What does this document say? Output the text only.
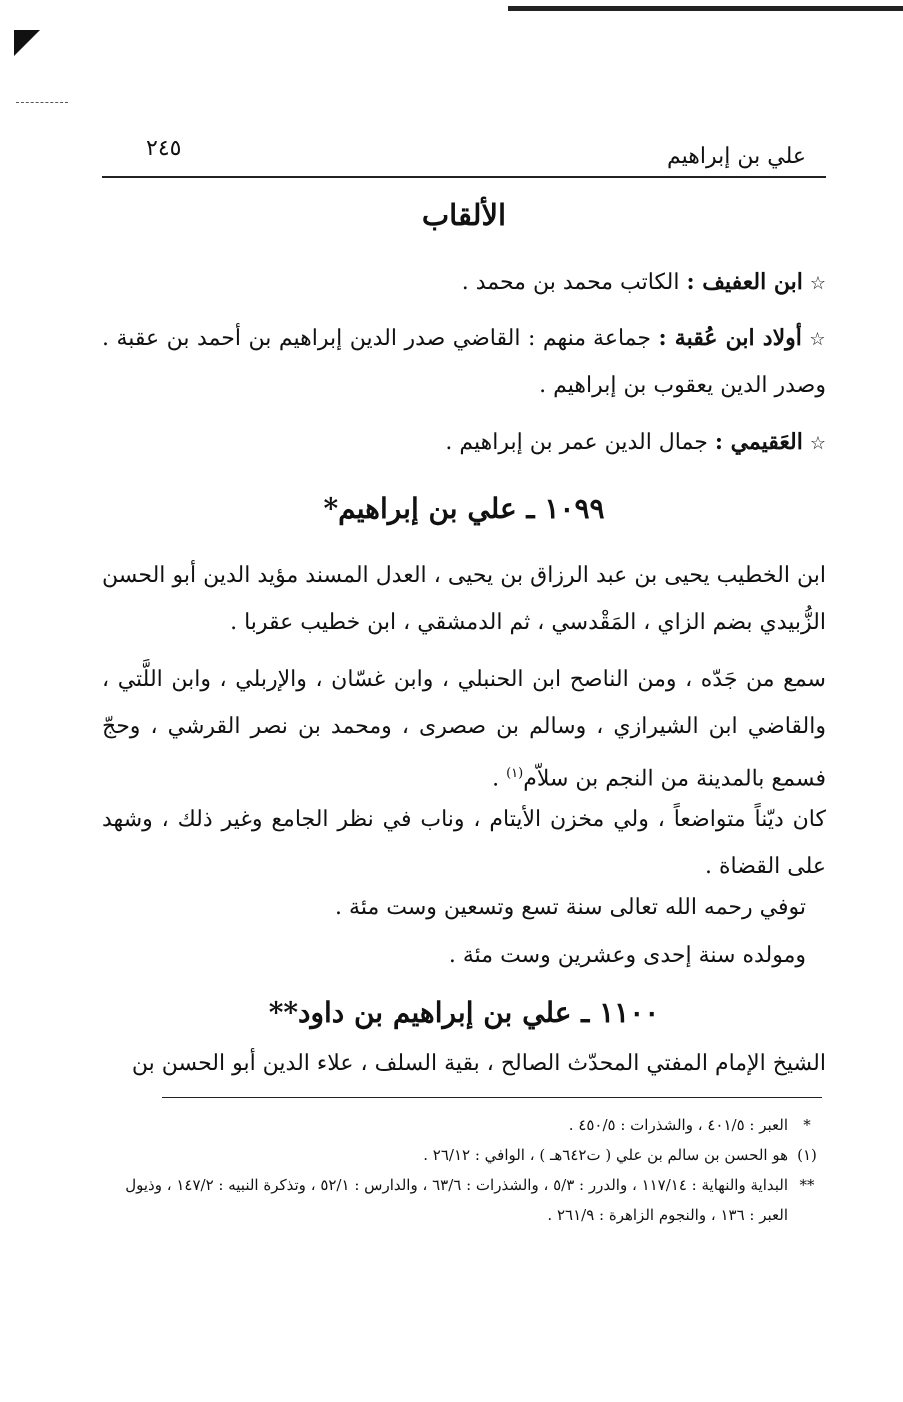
علي بن إبراهيم
٢٤٥
الألقاب
☆ ابن العفيف : الكاتب محمد بن محمد .
☆ أولاد ابن عُقبة : جماعة منهم : القاضي صدر الدين إبراهيم بن أحمد بن عقبة . وصدر الدين يعقوب بن إبراهيم .
☆ العَقيمي : جمال الدين عمر بن إبراهيم .
١٠٩٩ ـ علي بن إبراهيم*
ابن الخطيب يحيى بن عبد الرزاق بن يحيى ، العدل المسند مؤيد الدين أبو الحسن الزُّبيدي بضم الزاي ، المَقْدسي ، ثم الدمشقي ، ابن خطيب عقربا .
سمع من جَدّه ، ومن الناصح ابن الحنبلي ، وابن غسّان ، والإربلي ، وابن اللَّتي ، والقاضي ابن الشيرازي ، وسالم بن صصرى ، ومحمد بن نصر القرشي ، وحجّ فسمع بالمدينة من النجم بن سلاّم$^{(١)}$ .
كان ديّناً متواضعاً ، ولي مخزن الأيتام ، وناب في نظر الجامع وغير ذلك ، وشهد على القضاة .
توفي رحمه الله تعالى سنة تسع وتسعين وست مئة .
ومولده سنة إحدى وعشرين وست مئة .
١١٠٠ ـ علي بن إبراهيم بن داود**
الشيخ الإمام المفتي المحدّث الصالح ، بقية السلف ، علاء الدين أبو الحسن بن
*
العبر : ٤٠١/٥ ، والشذرات : ٤٥٠/٥ .
(١)
هو الحسن بن سالم بن علي ( ت٦٤٢هـ ) ، الوافي : ٢٦/١٢ .
**
البداية والنهاية : ١١٧/١٤ ، والدرر : ٥/٣ ، والشذرات : ٦٣/٦ ، والدارس : ٥٢/١ ، وتذكرة النبيه : ١٤٧/٢ ، وذيول العبر : ١٣٦ ، والنجوم الزاهرة : ٢٦١/٩ .
